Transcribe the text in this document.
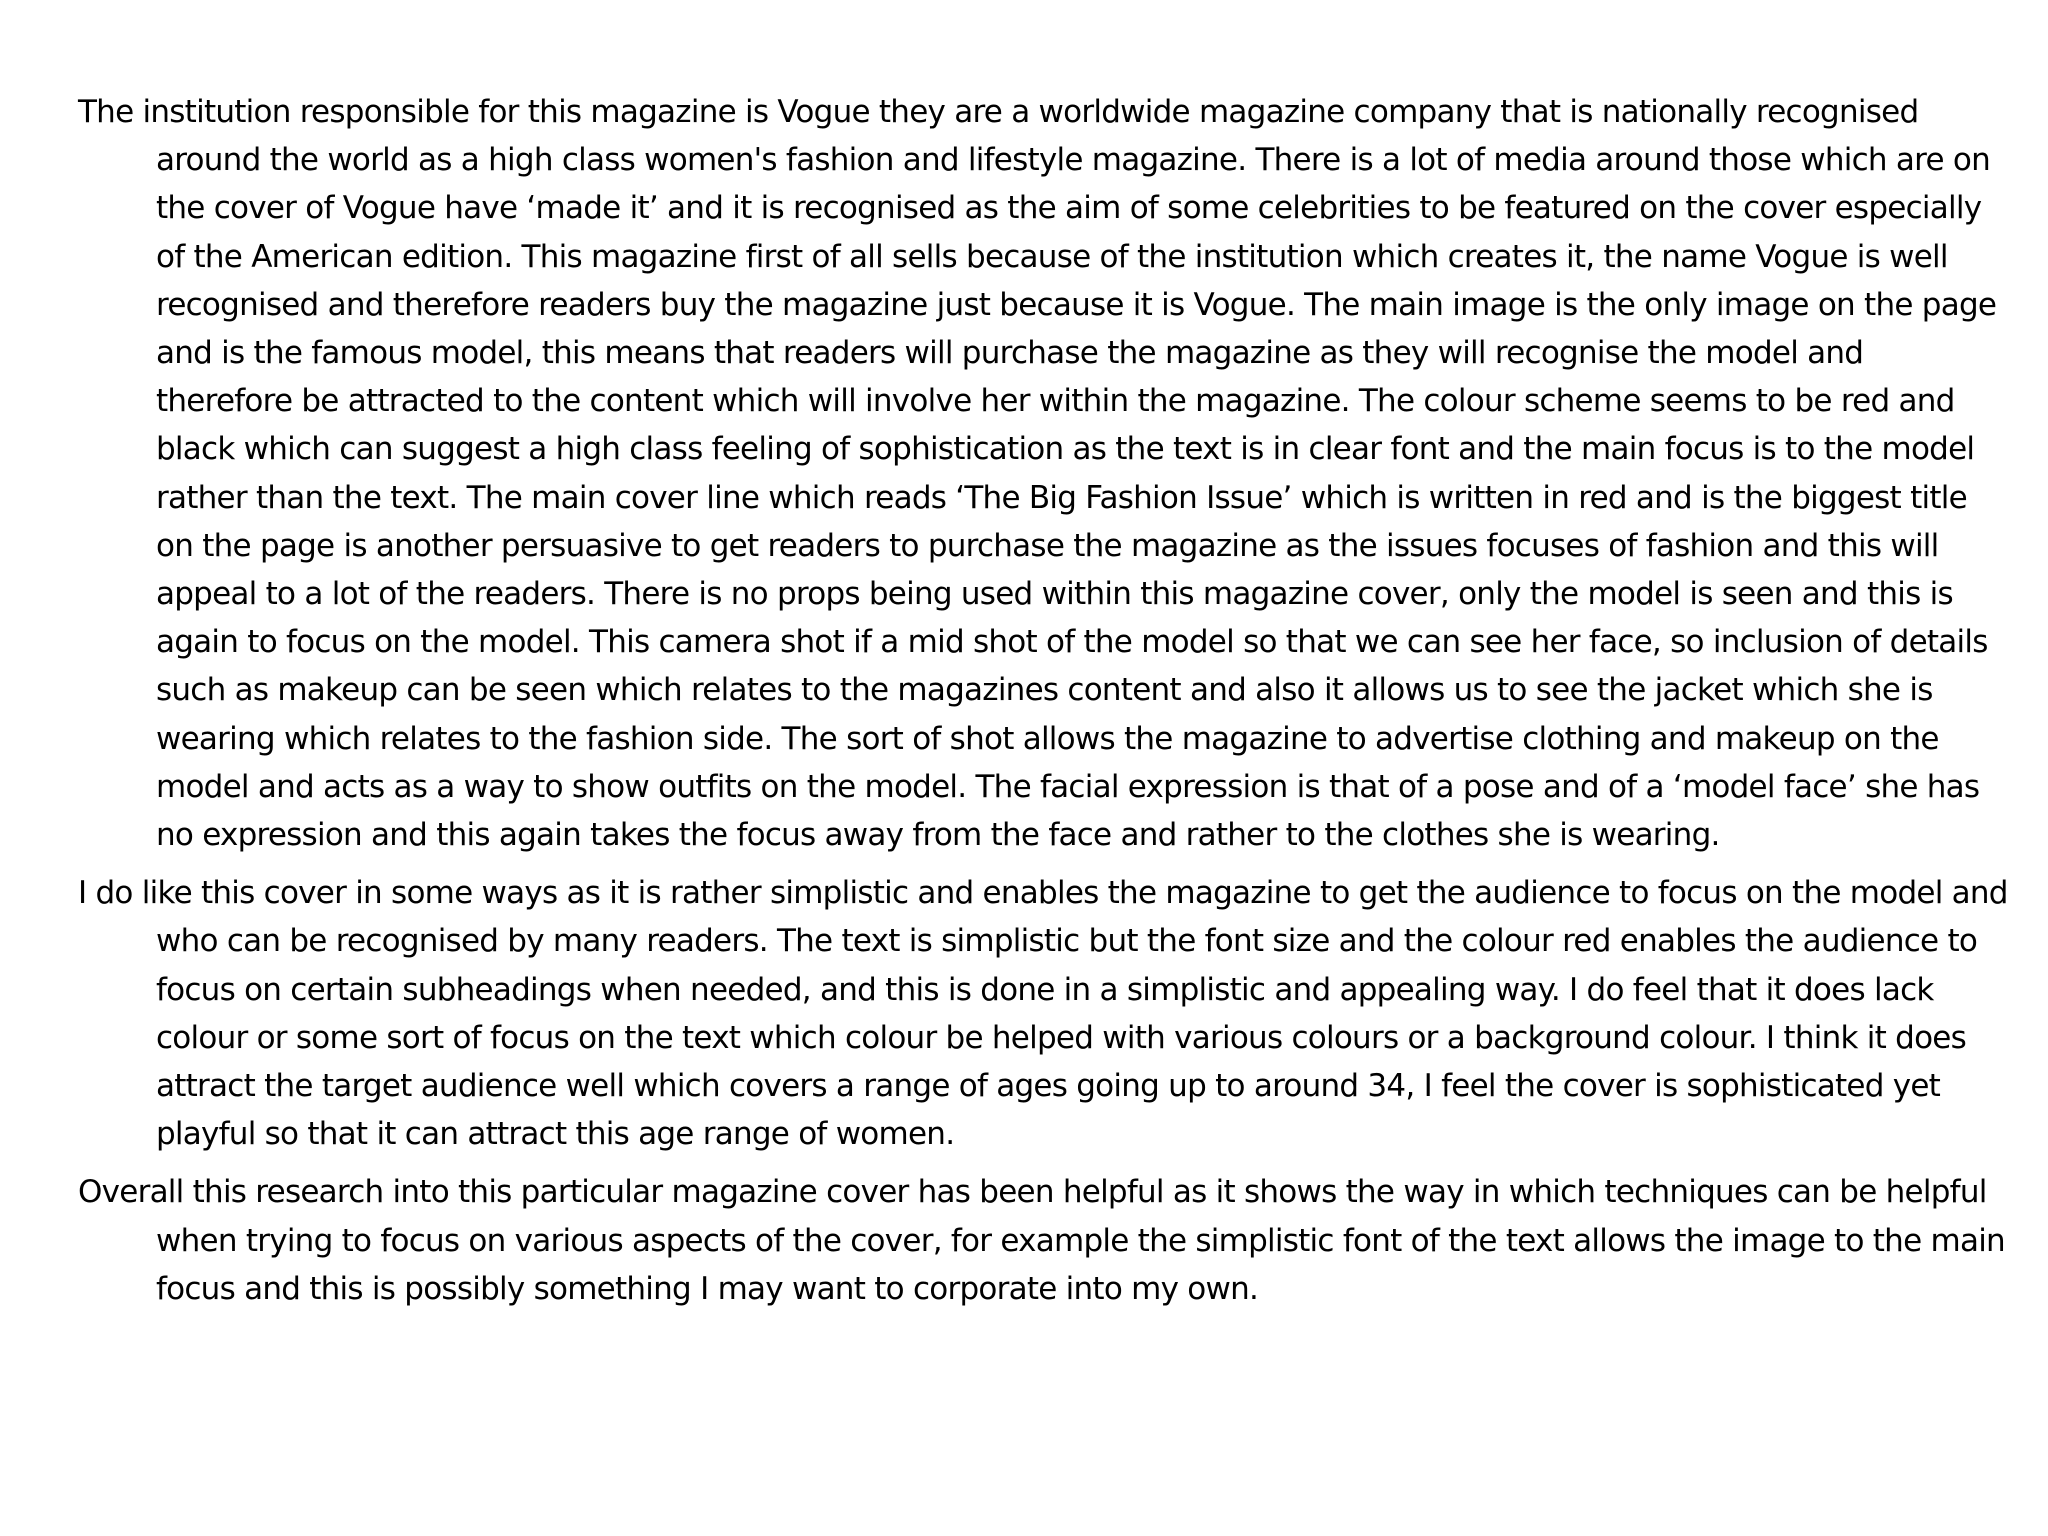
The institution responsible for this magazine is Vogue they are a worldwide magazine company that is nationally recognised around the world as a high class women's fashion and lifestyle magazine. There is a lot of media around those which are on the cover of Vogue have ‘made it’ and it is recognised as the aim of some celebrities to be featured on the cover especially of the American edition. This magazine first of all sells because of the institution which creates it, the name Vogue is well recognised and therefore readers buy the magazine just because it is Vogue. The main image is the only image on the page and is the famous model, this means that readers will purchase the magazine as they will recognise the model and therefore be attracted to the content which will involve her within the magazine. The colour scheme seems to be red and black which can suggest a high class feeling of sophistication as the text is in clear font and the main focus is to the model rather than the text. The main cover line which reads ‘The Big Fashion Issue’ which is written in red and is the biggest title on the page is another persuasive to get readers to purchase the magazine as the issues focuses of fashion and this will appeal to a lot of the readers. There is no props being used within this magazine cover, only the model is seen and this is again to focus on the model. This camera shot if a mid shot of the model so that we can see her face, so inclusion of details such as makeup can be seen which relates to the magazines content and also it allows us to see the jacket which she is wearing which relates to the fashion side. The sort of shot allows the magazine to advertise clothing and makeup on the model and acts as a way to show outfits on the model. The facial expression is that of a pose and of a ‘model face’ she has no expression and this again takes the focus away from the face and rather to the clothes she is wearing.

I do like this cover in some ways as it is rather simplistic and enables the magazine to get the audience to focus on the model and who can be recognised by many readers. The text is simplistic but the font size and the colour red enables the audience to focus on certain subheadings when needed, and this is done in a simplistic and appealing way. I do feel that it does lack colour or some sort of focus on the text which colour be helped with various colours or a background colour. I think it does attract the target audience well which covers a range of ages going up to around 34, I feel the cover is sophisticated yet playful so that it can attract this age range of women.

Overall this research into this particular magazine cover has been helpful as it shows the way in which techniques can be helpful when trying to focus on various aspects of the cover, for example the simplistic font of the text allows the image to the main focus and this is possibly something I may want to corporate into my own.
